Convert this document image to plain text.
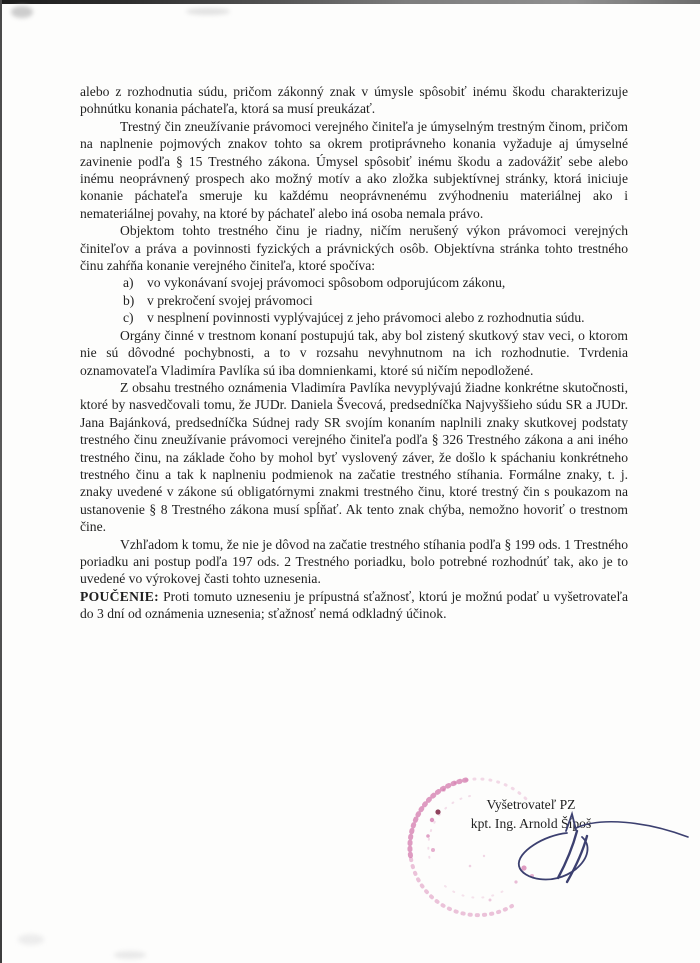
alebo z rozhodnutia súdu, pričom zákonný znak v úmysle spôsobiť inému škodu charakterizuje pohnútku konania páchateľa, ktorá sa musí preukázať.

Trestný čin zneužívanie právomoci verejného činiteľa je úmyselným trestným činom, pričom na naplnenie pojmových znakov tohto sa okrem protiprávneho konania vyžaduje aj úmyselné zavinenie podľa § 15 Trestného zákona. Úmysel spôsobiť inému škodu a zadovážiť sebe alebo inému neoprávnený prospech ako možný motív a ako zložka subjektívnej stránky, ktorá iniciuje konanie páchateľa smeruje ku každému neoprávnenému zvýhodneniu materiálnej ako i nemateriálnej povahy, na ktoré by páchateľ alebo iná osoba nemala právo.

Objektom tohto trestného činu je riadny, ničím nerušený výkon právomoci verejných činiteľov a práva a povinnosti fyzických a právnických osôb. Objektívna stránka tohto trestného činu zahŕňa konanie verejného činiteľa, ktoré spočíva:

a) vo vykonávaní svojej právomoci spôsobom odporujúcom zákonu,
b) v prekročení svojej právomoci
c) v nesplnení povinnosti vyplývajúcej z jeho právomoci alebo z rozhodnutia súdu.

Orgány činné v trestnom konaní postupujú tak, aby bol zistený skutkový stav veci, o ktorom nie sú dôvodné pochybnosti, a to v rozsahu nevyhnutnom na ich rozhodnutie. Tvrdenia oznamovateľa Vladimíra Pavlíka sú iba domnienkami, ktoré sú ničím nepodložené.

Z obsahu trestného oznámenia Vladimíra Pavlíka nevyplývajú žiadne konkrétne skutočnosti, ktoré by nasvedčovali tomu, že JUDr. Daniela Švecová, predsedníčka Najvyššieho súdu SR a JUDr. Jana Bajánková, predsedníčka Súdnej rady SR svojím konaním naplnili znaky skutkovej podstaty trestného činu zneužívanie právomoci verejného činiteľa podľa § 326 Trestného zákona a ani iného trestného činu, na základe čoho by mohol byť vyslovený záver, že došlo k spáchaniu konkrétneho trestného činu a tak k naplneniu podmienok na začatie trestného stíhania. Formálne znaky, t. j. znaky uvedené v zákone sú obligatórnymi znakmi trestného činu, ktoré trestný čin s poukazom na ustanovenie § 8 Trestného zákona musí spĺňať. Ak tento znak chýba, nemožno hovoriť o trestnom čine.

Vzhľadom k tomu, že nie je dôvod na začatie trestného stíhania podľa § 199 ods. 1 Trestného poriadku ani postup podľa 197 ods. 2 Trestného poriadku, bolo potrebné rozhodnúť tak, ako je to uvedené vo výrokovej časti tohto uznesenia.

POUČENIE: Proti tomuto uzneseniu je prípustná sťažnosť, ktorú je možnú podať u vyšetrovateľa do 3 dní od oznámenia uznesenia; sťažnosť nemá odkladný účinok.

Vyšetrovateľ PZ
kpt. Ing. Arnold Šípoš
